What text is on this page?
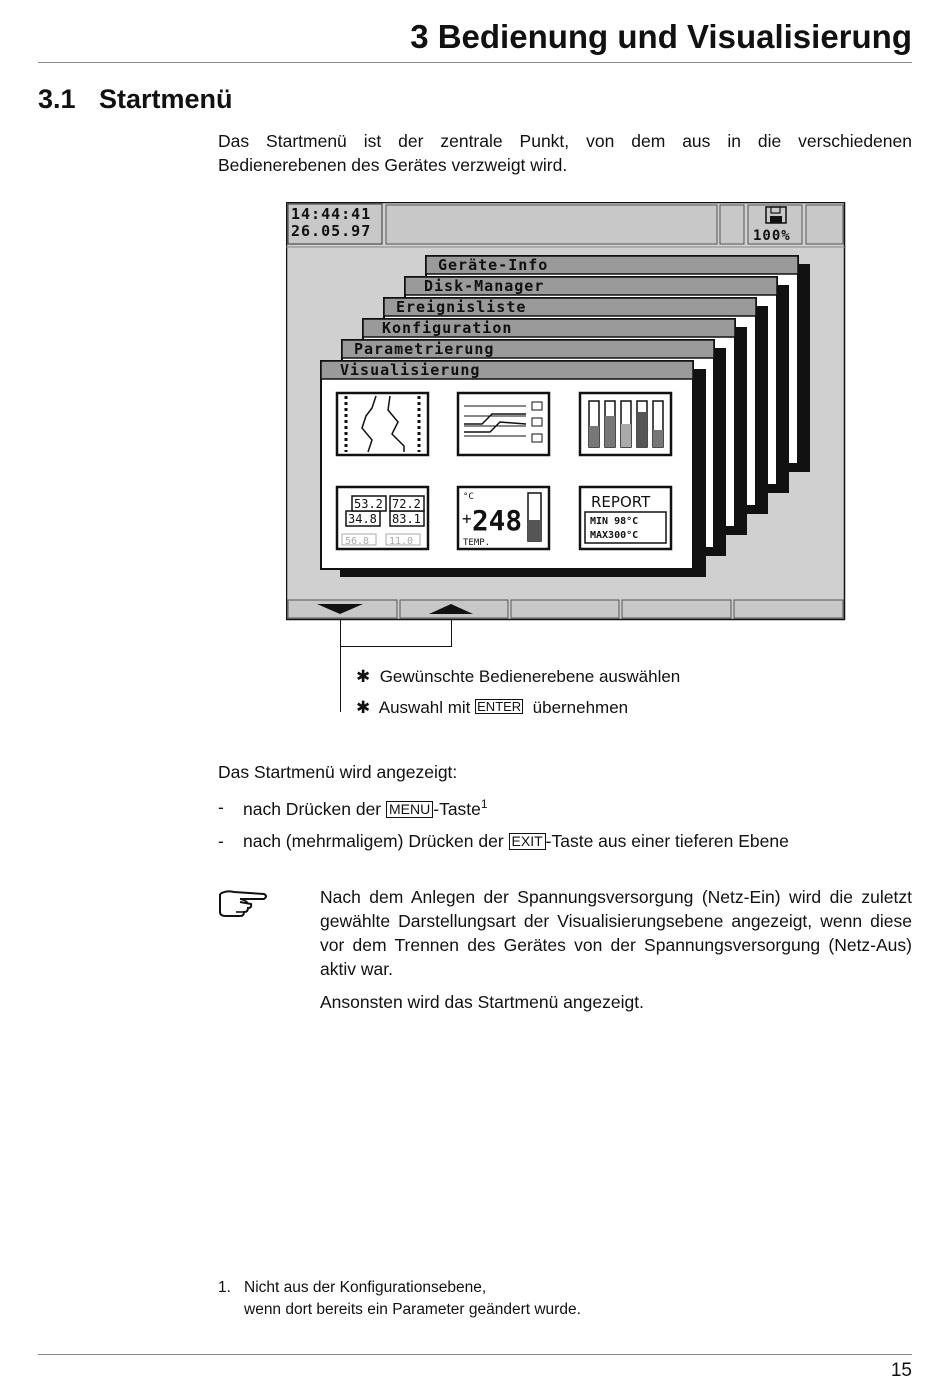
3 Bedienung und Visualisierung
3.1 Startmenü
Das Startmenü ist der zentrale Punkt, von dem aus in die verschiedenen Bedienerebenen des Gerätes verzweigt wird.
14:44:41
26.05.97	100%
Geräte-Info
Disk-Manager
Ereignisliste
Konfiguration
Parametrierung
Visualisierung
56.8 11.0
34.8 83.1
53.2 72.2	°C
+ 248
TEMP.
REPORT
MIN 98°C
MAX300°C
✱ Gewünschte Bedienerebene auswählen
✱ Auswahl mit ENTER übernehmen
Das Startmenü wird angezeigt:
- nach Drücken der MENU -Taste$^1$
- nach (mehrmaligem) Drücken der EXIT -Taste aus einer tieferen Ebene
Nach dem Anlegen der Spannungsversorgung (Netz-Ein) wird die zuletzt gewählte Darstellungsart der Visualisierungsebene angezeigt, wenn diese vor dem Trennen des Gerätes von der Spannungsversorgung (Netz-Aus) aktiv war.
Ansonsten wird das Startmenü angezeigt.
1. Nicht aus der Konfigurationsebene,
wenn dort bereits ein Parameter geändert wurde.
15
